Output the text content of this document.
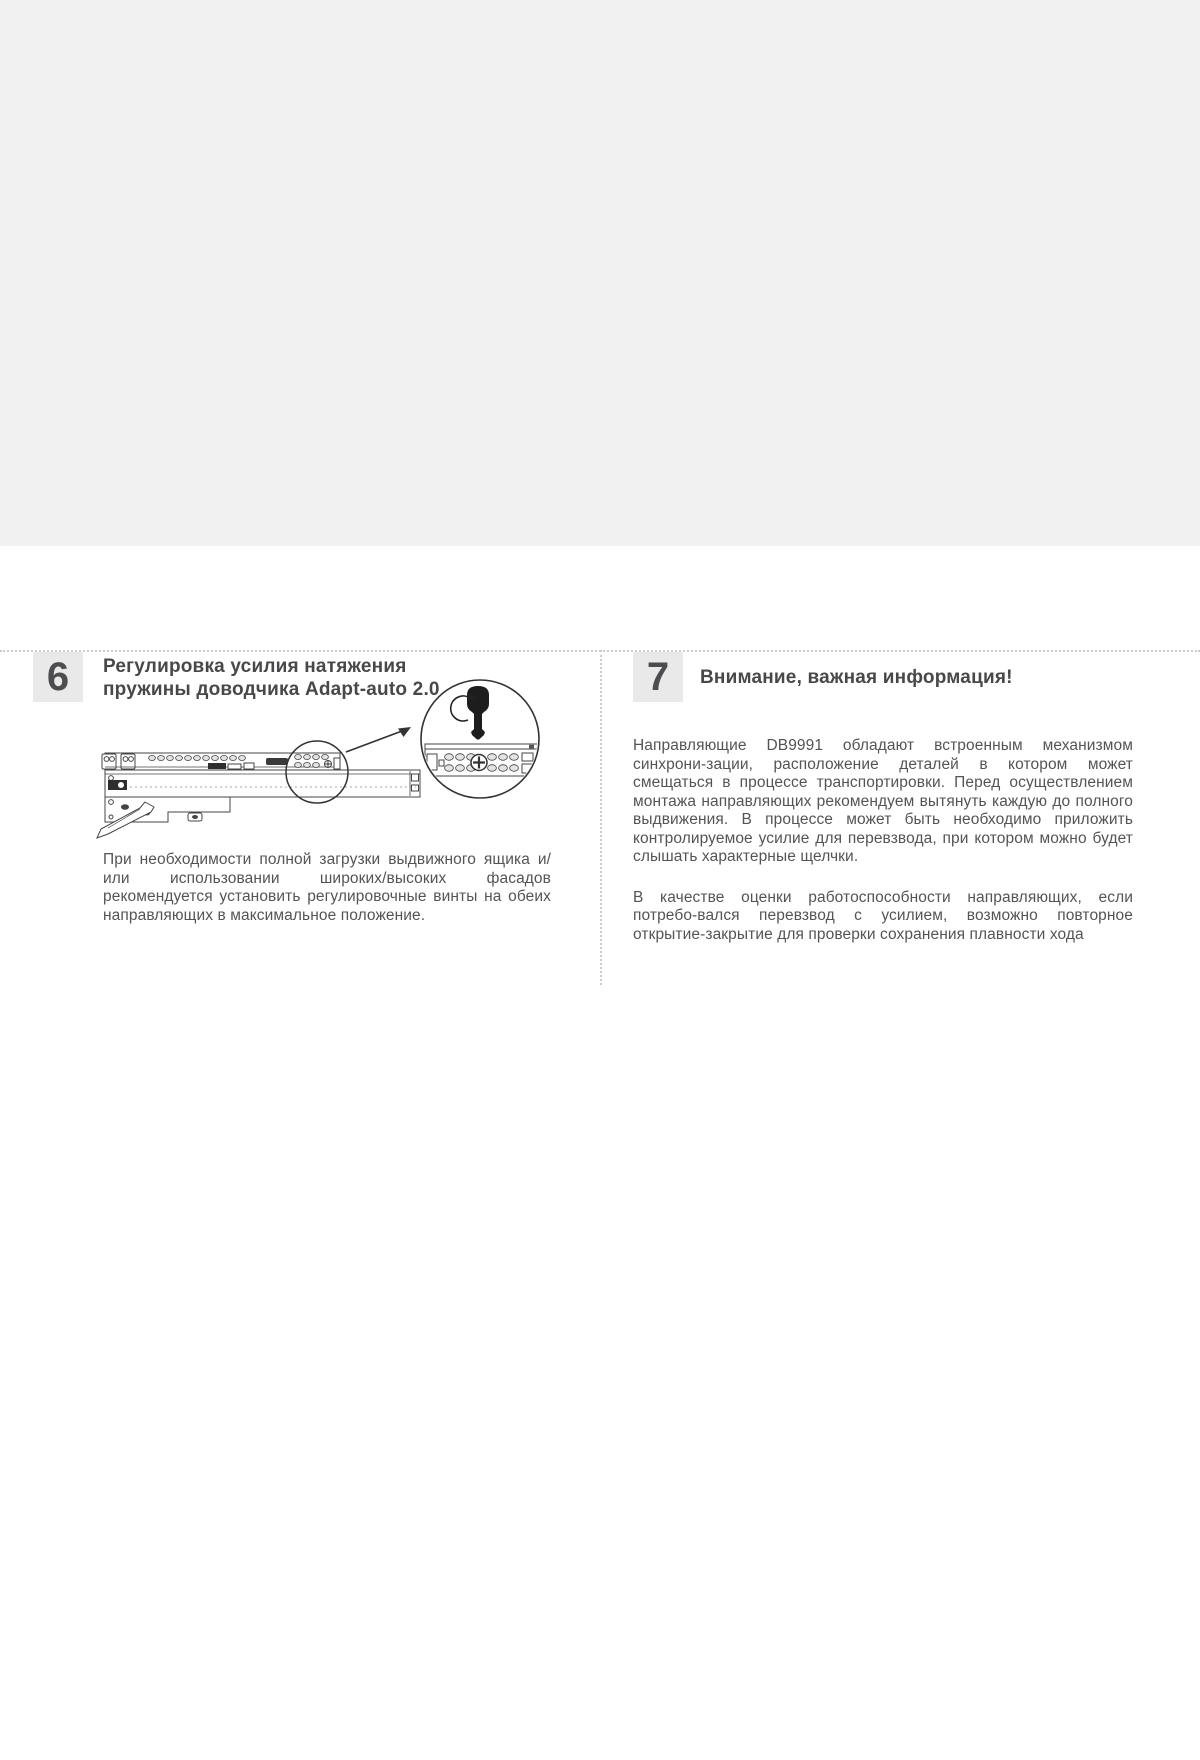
6 Регулировка усилия натяжения
пружины доводчика Adapt-auto 2.0

При необходимости полной загрузки выдвижного ящика и/или использовании широких/высоких фасадов рекомендуется установить регулировочные винты на обеих направляющих в максимальное положение.

7 Внимание, важная информация!

Направляющие DB9991 обладают встроенным механизмом синхрони-зации, расположение деталей в котором может смещаться в процессе транспортировки. Перед осуществлением монтажа направляющих рекомендуем вытянуть каждую до полного выдвижения. В процессе может быть необходимо приложить контролируемое усилие для перевзвода, при котором можно будет слышать характерные щелчки.

В качестве оценки работоспособности направляющих, если потребо-вался перевзвод с усилием, возможно повторное открытие-закрытие для проверки сохранения плавности хода
